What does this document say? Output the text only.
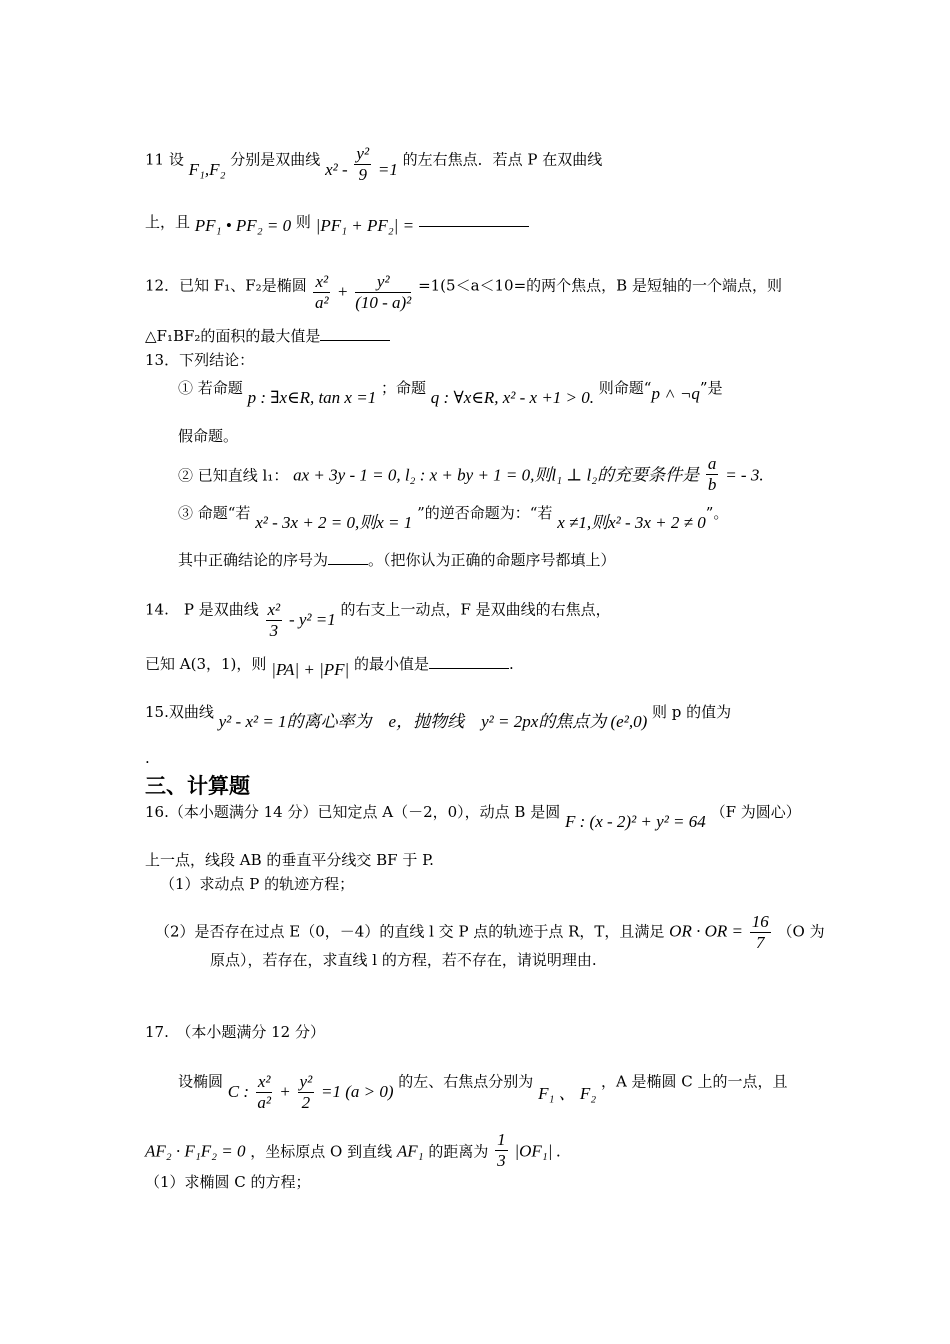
11 设 F₁,F₂ 分别是双曲线 $x^2 - \frac{\text{y²}}{9} =1$ 的左右焦点．若点 P 在双曲线
上，且 PF₁ • PF₂ = 0 则 |PF₁ + PF₂| =
12．已知 F₁、F₂是椭圆 $\frac{\text{x²}}{\text{a²}} + \frac{\text{y²}}{\text{(10 - a)²}} =1(5<a<10=$的两个焦点，B 是短轴的一个端点，则
△F₁BF₂的面积的最大值是
13．下列结论：
① 若命题 p : ∃x∈R, tan x =1 ；命题 q : ∀x∈R, x² - x +1 > 0. 则命题“p ˄ ¬q”是
假命题。
② 已知直线 l₁： ax + 3y - 1 = 0, l₂ : x + by + 1 = 0,则l₁ ⊥ l₂的充要条件是 $\frac{a}{b}$ = - 3.
③ 命题“若 x² - 3x + 2 = 0,则x = 1 ”的逆否命题为：“若 x ≠1,则x² - 3x + 2 ≠ 0”。
其中正确结论的序号为	。（把你认为正确的命题序号都填上）
14.　P 是双曲线 $\frac{\text{x²}}{3} - y^2 =1$ 的右支上一动点，F 是双曲线的右焦点，
已知 A(3，1)，则 |PA| + |PF| 的最小值是	.
15.双曲线 y² - x² = 1的离心率为　e，抛物线　y² = 2px的焦点为 (e²,0) 则 p 的值为
.
三、计算题
16.（本小题满分 14 分）已知定点 A（－2，0），动点 B 是圆 F : (x - 2)² + y² = 64 （F 为圆心）
上一点，线段 AB 的垂直平分线交 BF 于 P.
（1）求动点 P 的轨迹方程；
（2）是否存在过点 E（0，－4）的直线 l 交 P 点的轨迹于点 R，T，且满足 OR · OR = $\frac{16}{7} (O$ 为
原点），若存在，求直线 l 的方程，若不存在，请说明理由.
17.　（本小题满分 12 分）
设椭圆 C : $\frac{\text{x²}}{\text{a²}} + \frac{\text{y²}}{2} =1$ (a > 0) 的左、右焦点分别为 F₁ 、 F₂ ，A 是椭圆 C 上的一点，且
AF₂ · F₁F₂ = 0 ，坐标原点 O 到直线 AF₁ 的距离为 $\frac{1}{3} |OF_1|$ .
（1）求椭圆 C 的方程；
